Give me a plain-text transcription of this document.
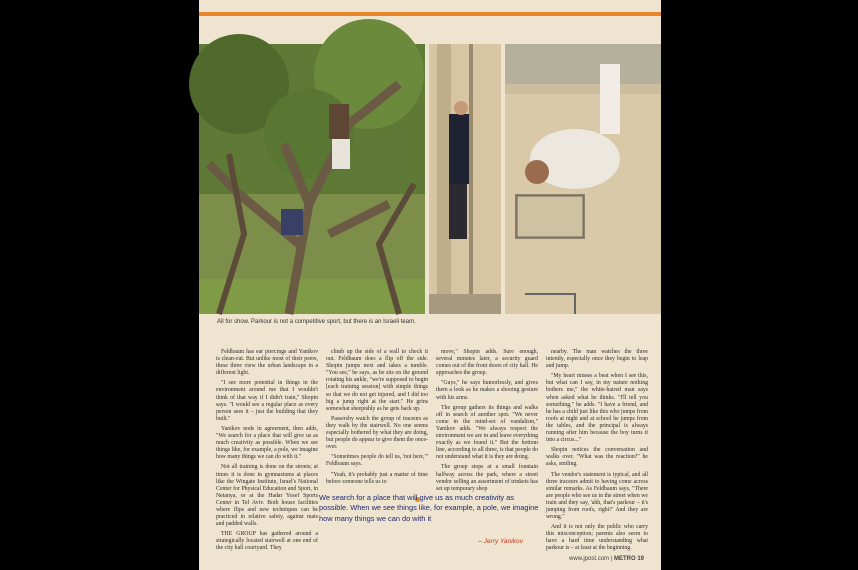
All for show. Parkour is not a competitive sport, but there is an Israeli team.

Feldbaum has ear piercings and Yanikov is clean-cut. But unlike most of their peers, these three view the urban landscape in a different light.

"I see more potential in things in the environment around me that I wouldn't think of that way if I didn't train," Shopin says. "I would see a regular place as every person sees it – just the building that they built."

Yanikov nods in agreement, then adds, "We search for a place that will give us as much creativity as possible. When we see things like, for example, a pole, we imagine how many things we can do with it."

Not all training is done on the streets; at times it is done in gymnasiums at places like the Wingate Institute, Israel's National Center for Physical Education and Sport, in Netanya, or at the Hadar Yosef Sports Center in Tel Aviv. Both house facilities where flips and new techniques can be practiced in relative safety, against mats and padded walls.

THE GROUP has gathered around a strategically located stairwell at one end of the city hall courtyard. They

climb up the side of a wall to check it out. Feldbaum does a flip off the side. Shopin jumps next and takes a tumble. "You see," he says, as he sits on the ground rotating his ankle, "we're supposed to begin [each training session] with simple things so that we do not get injured, and I did too big a jump right at the start." He grins somewhat sheepishly as he gets back up.

Passersby watch the group of traceurs as they walk by the stairwell. No one seems especially bothered by what they are doing, but people do appear to give them the once-over.

"Sometimes people do tell us, 'not here,'" Feldbaum says.

"Yeah, it's probably just a matter of time before someone tells us to

move," Shopin adds. Sure enough, several minutes later, a security guard comes out of the front doors of city hall. He approaches the group.

"Guys," he says humorlessly, and gives them a look as he makes a shooing gesture with his arms.

The group gathers its things and walks off in search of another spot. "We never come in the mind-set of vandalism," Yanikov adds. "We always respect the environment we are in and leave everything exactly as we found it." But the bottom line, according to all three, is that people do not understand what it is they are doing.

The group stops at a small fountain halfway across the park, where a street vendor selling an assortment of trinkets has set up temporary shop

nearby. The man watches the three intently, especially once they begin to leap and jump.

"My heart misses a beat when I see this, but what can I say, in my nature nothing bothers me," the white-haired man says when asked what he thinks. "I'll tell you something," he adds. "I have a friend, and he has a child just like this who jumps from roofs at night and at school he jumps from the tables, and the principal is always running after him because the boy turns it into a circus..."

Shopin notices the conversation and walks over. "What was the reaction?" he asks, smiling.

The vendor's statement is typical, and all three traceurs admit to having come across similar remarks. As Feldbaum says, "There are people who see us in the street when we train and they say, 'ahh, that's parkour – it's jumping from roofs, right?' And they are wrong."

And it is not only the public who carry this misconception; parents also seem to have a hard time understanding what parkour is – at least at the beginning.

We search for a place that will give us as much creativity as possible. When we see things like, for example, a pole, we imagine how many things we can do with it
– Jerry Yanikov
www.jpost.com | METRO 19
